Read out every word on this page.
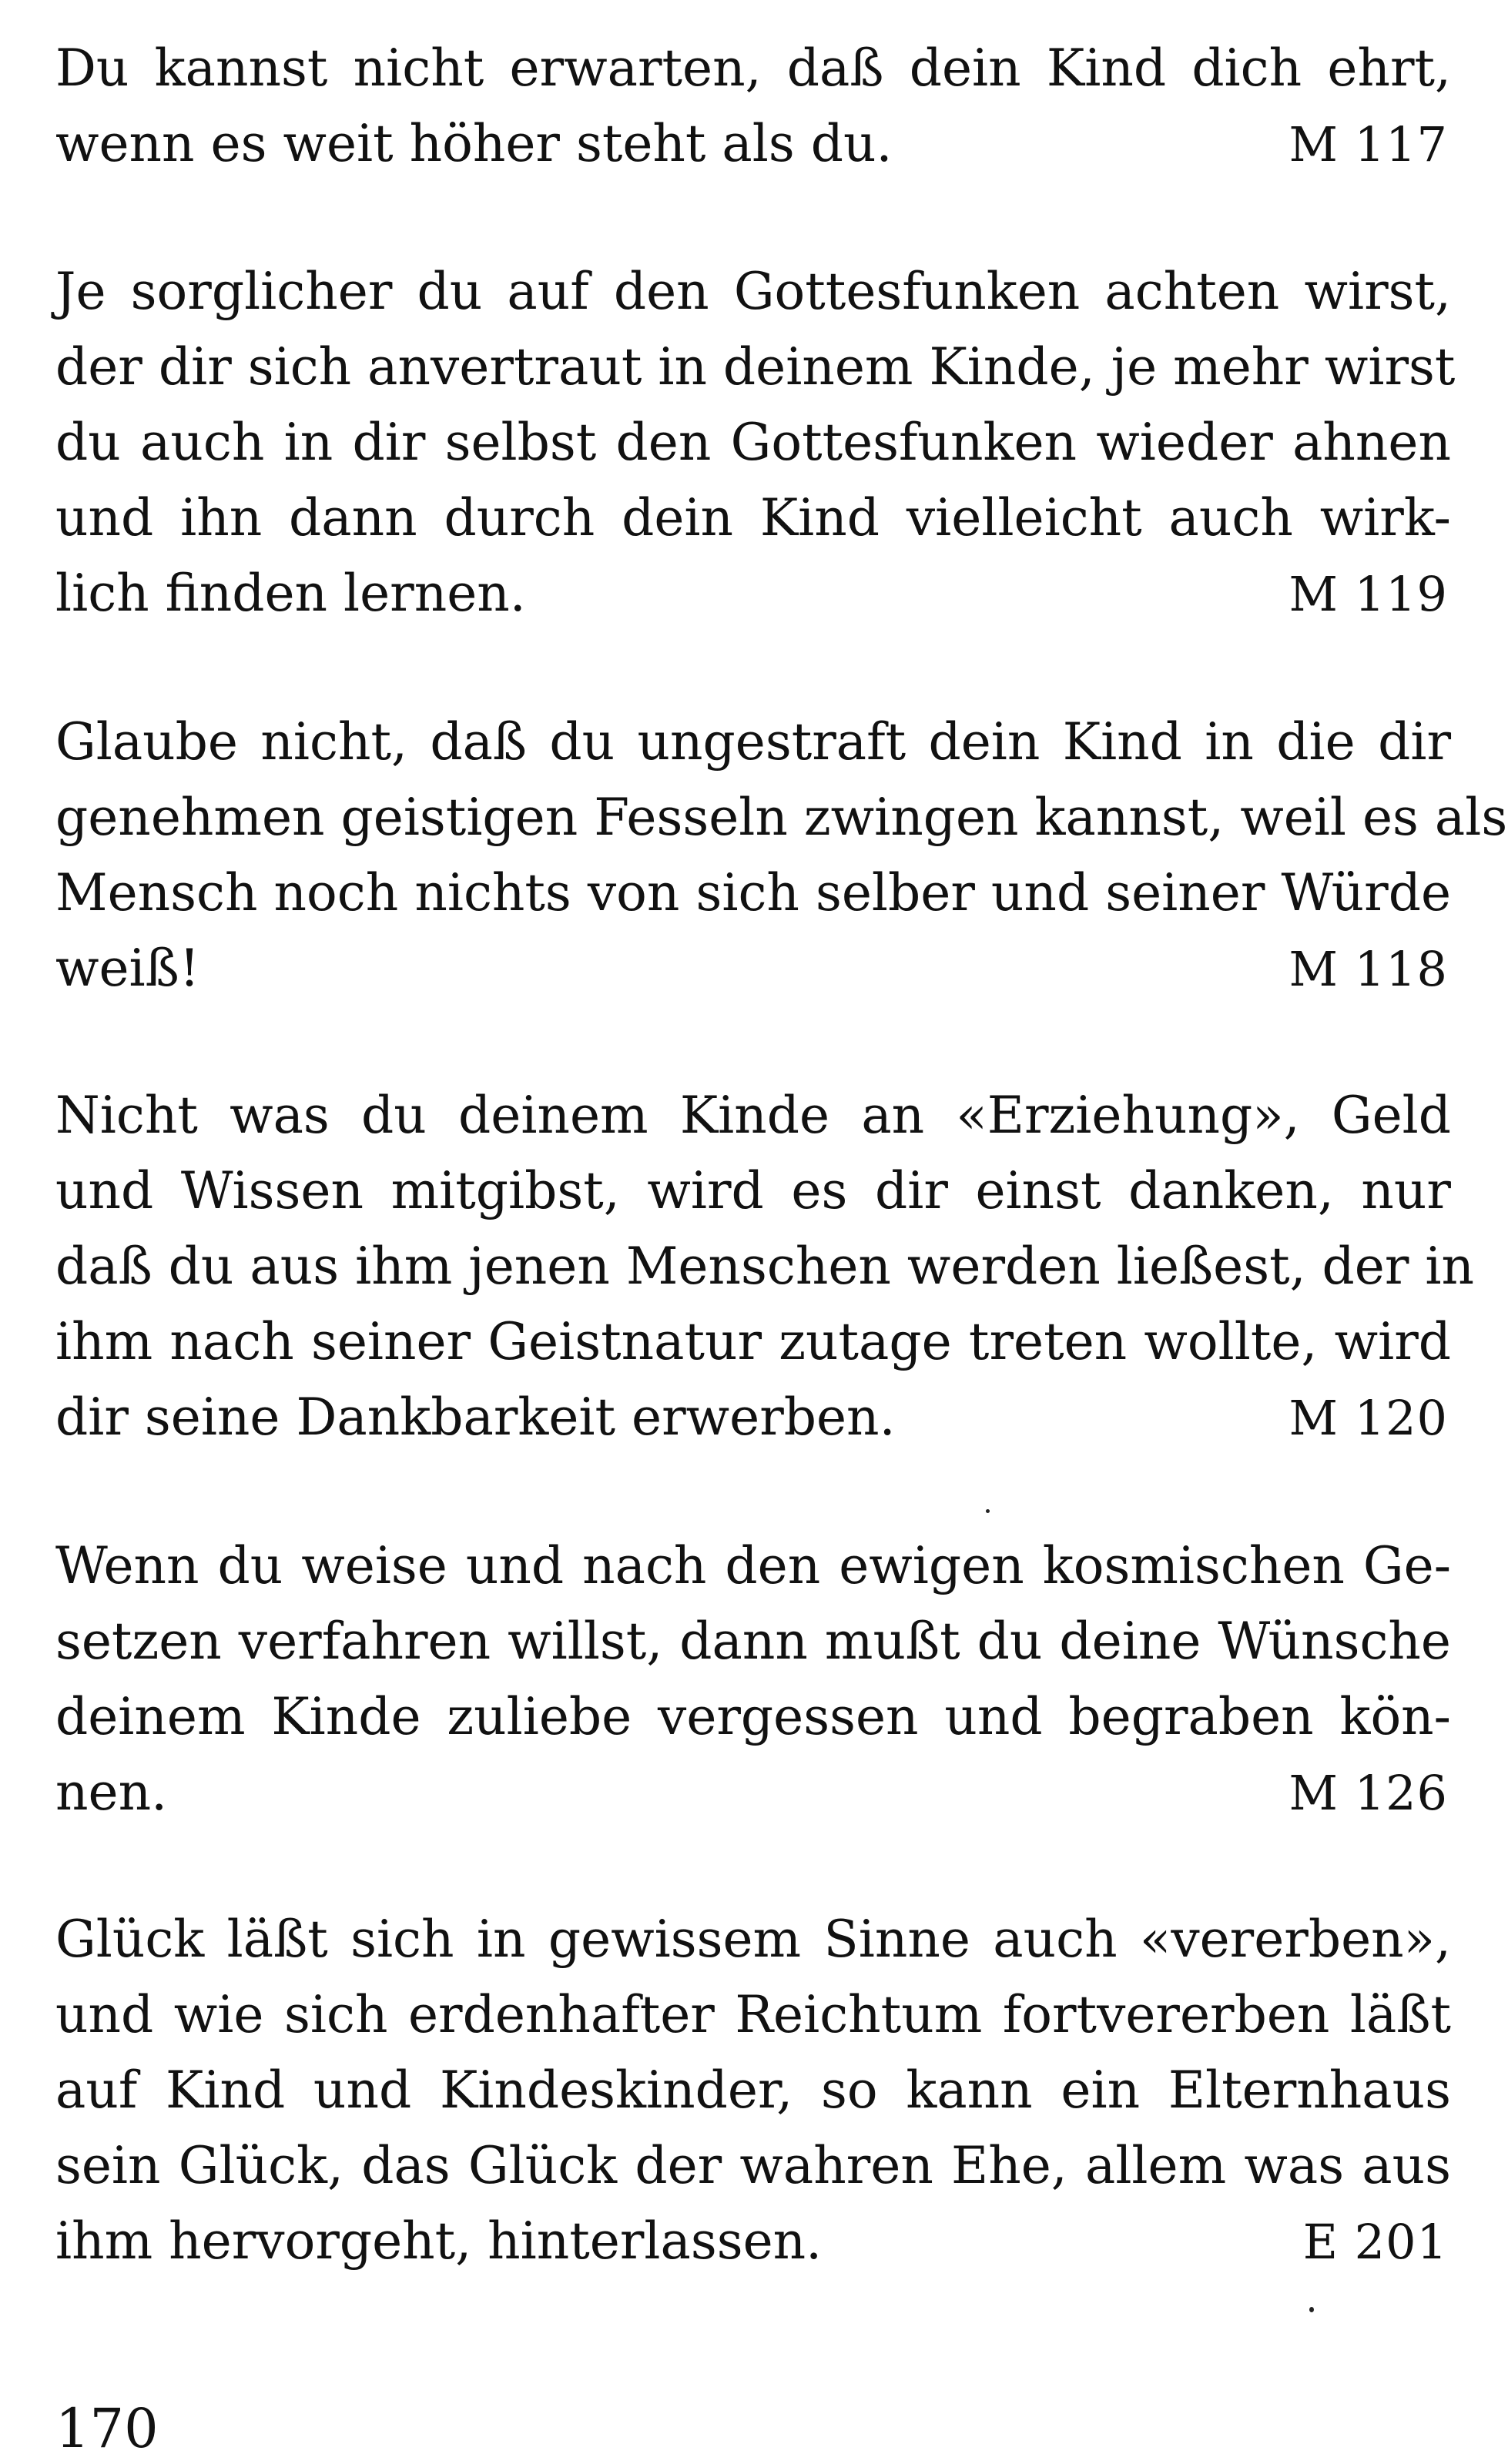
Du kannst nicht erwarten, daß dein Kind dich ehrt,
wenn es weit höher steht als du.	M 117
Je sorglicher du auf den Gottesfunken achten wirst,
der dir sich anvertraut in deinem Kinde, je mehr wirst
du auch in dir selbst den Gottesfunken wieder ahnen
und ihn dann durch dein Kind vielleicht auch wirk-
lich finden lernen.	M 119
Glaube nicht, daß du ungestraft dein Kind in die dir
genehmen geistigen Fesseln zwingen kannst, weil es als
Mensch noch nichts von sich selber und seiner Würde
weiß!	M 118
Nicht was du deinem Kinde an «Erziehung», Geld
und Wissen mitgibst, wird es dir einst danken, nur
daß du aus ihm jenen Menschen werden ließest, der in
ihm nach seiner Geistnatur zutage treten wollte, wird
dir seine Dankbarkeit erwerben.	M 120
Wenn du weise und nach den ewigen kosmischen Ge-
setzen verfahren willst, dann mußt du deine Wünsche
deinem Kinde zuliebe vergessen und begraben kön-
nen.	M 126
Glück läßt sich in gewissem Sinne auch «vererben»,
und wie sich erdenhafter Reichtum fortvererben läßt
auf Kind und Kindeskinder, so kann ein Elternhaus
sein Glück, das Glück der wahren Ehe, allem was aus
ihm hervorgeht, hinterlassen.	E 201
170
